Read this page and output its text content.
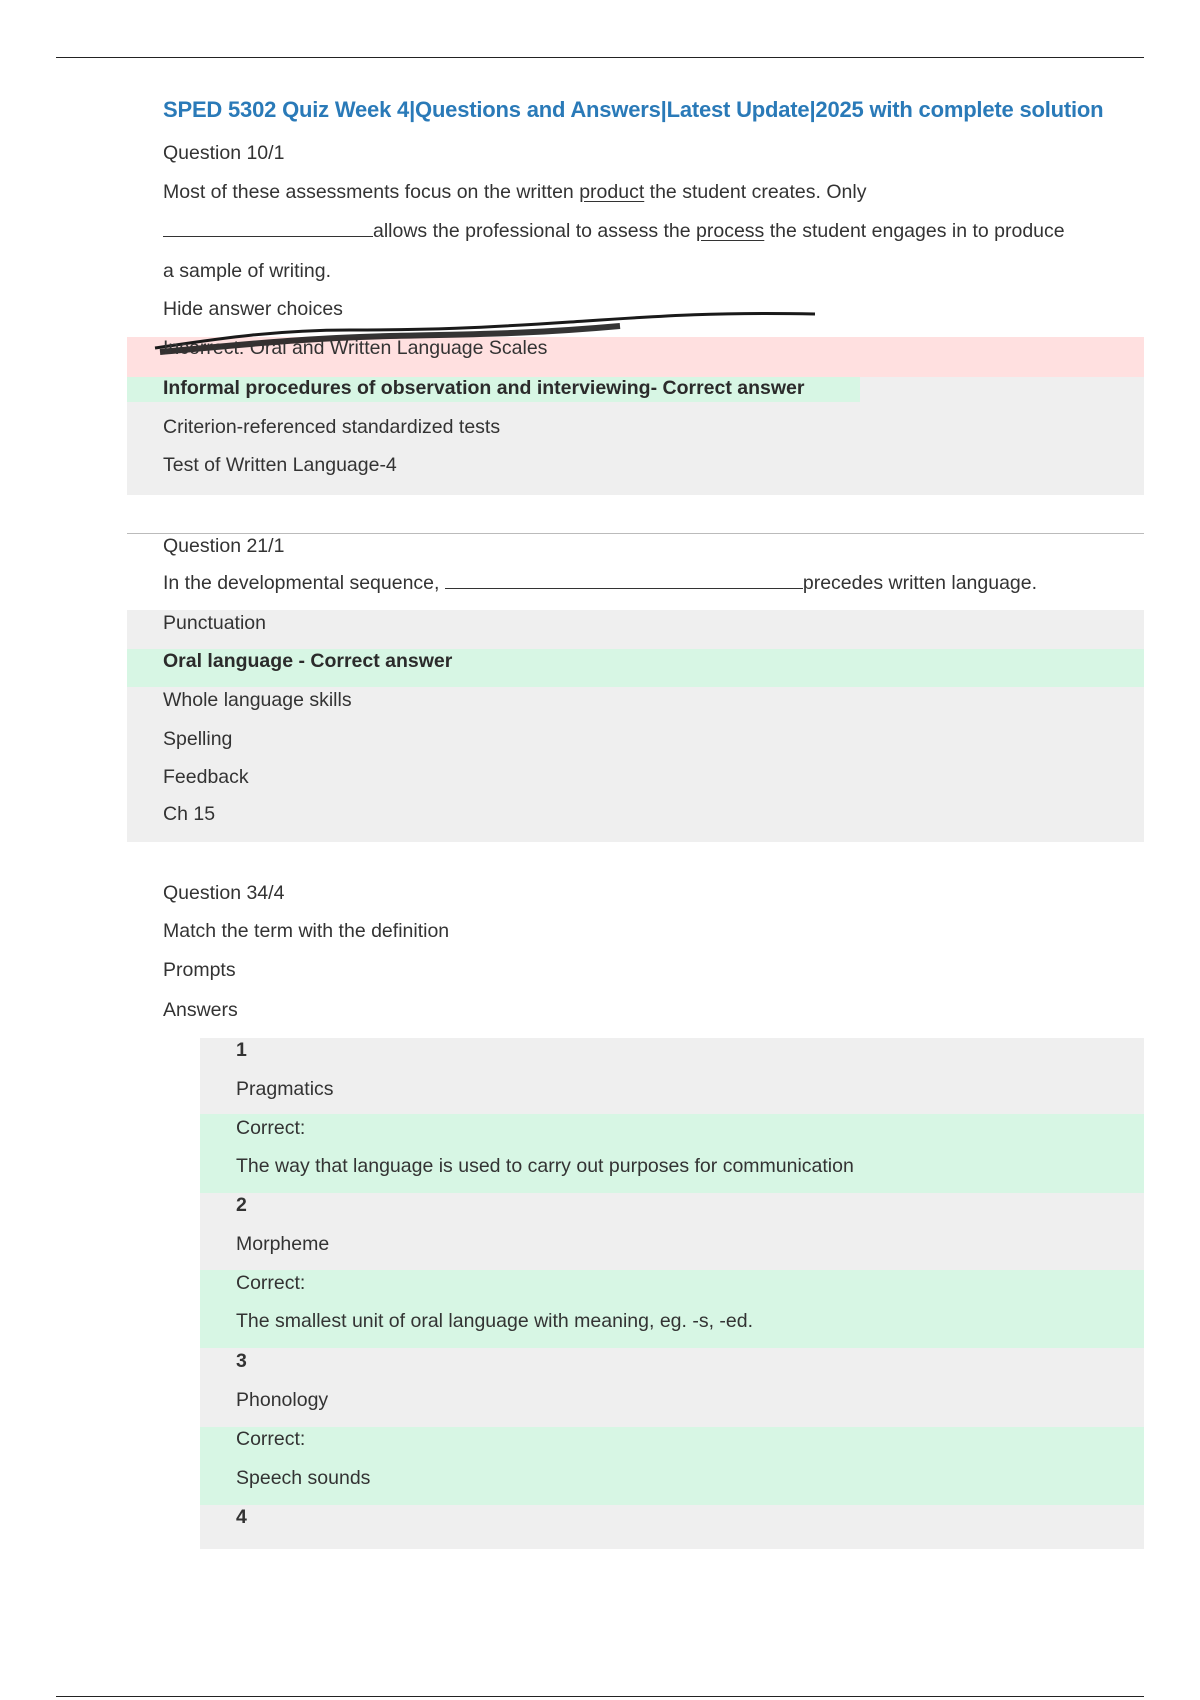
SPED 5302 Quiz Week 4|Questions and Answers|Latest Update|2025 with complete solution
Question 10/1
Most of these assessments focus on the written product the student creates. Only
allows the professional to assess the process the student engages in to produce
a sample of writing.
Hide answer choices
Incorrect: Oral and Written Language Scales
Informal procedures of observation and interviewing- Correct answer
Criterion-referenced standardized tests
Test of Written Language-4
Question 21/1
In the developmental sequence,	precedes written language.
Punctuation
Oral language - Correct answer
Whole language skills
Spelling
Feedback
Ch 15
Question 34/4
Match the term with the definition
Prompts
Answers
1
Pragmatics
Correct:
The way that language is used to carry out purposes for communication
2
Morpheme
Correct:
The smallest unit of oral language with meaning, eg. -s, -ed.
3
Phonology
Correct:
Speech sounds
4
